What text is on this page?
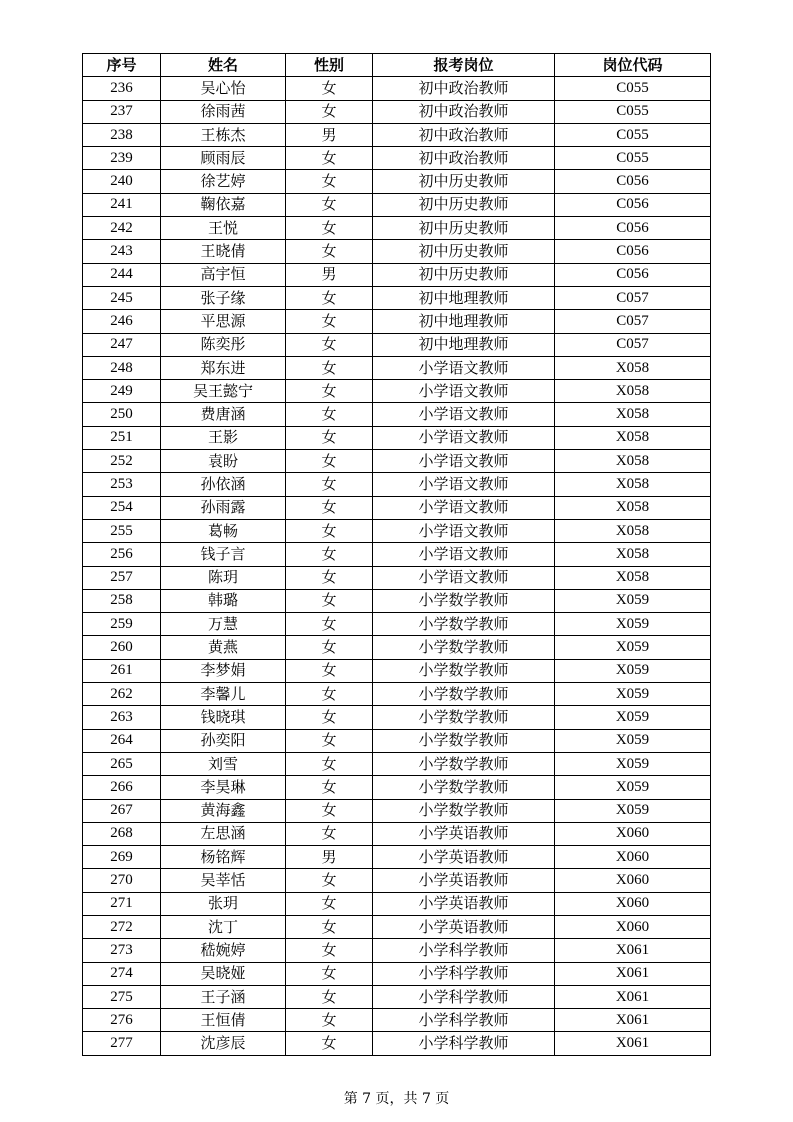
序号	姓名	性别	报考岗位	岗位代码
236	吴心怡	女	初中政治教师	C055
237	徐雨茜	女	初中政治教师	C055
238	王栋杰	男	初中政治教师	C055
239	顾雨辰	女	初中政治教师	C055
240	徐艺婷	女	初中历史教师	C056
241	鞠依嘉	女	初中历史教师	C056
242	王悦	女	初中历史教师	C056
243	王晓倩	女	初中历史教师	C056
244	高宇恒	男	初中历史教师	C056
245	张子缘	女	初中地理教师	C057
246	平思源	女	初中地理教师	C057
247	陈奕彤	女	初中地理教师	C057
248	郑东进	女	小学语文教师	X058
249	吴王懿宁	女	小学语文教师	X058
250	费唐涵	女	小学语文教师	X058
251	王影	女	小学语文教师	X058
252	袁盼	女	小学语文教师	X058
253	孙依涵	女	小学语文教师	X058
254	孙雨露	女	小学语文教师	X058
255	葛畅	女	小学语文教师	X058
256	钱子言	女	小学语文教师	X058
257	陈玥	女	小学语文教师	X058
258	韩璐	女	小学数学教师	X059
259	万慧	女	小学数学教师	X059
260	黄燕	女	小学数学教师	X059
261	李梦娟	女	小学数学教师	X059
262	李馨儿	女	小学数学教师	X059
263	钱晓琪	女	小学数学教师	X059
264	孙奕阳	女	小学数学教师	X059
265	刘雪	女	小学数学教师	X059
266	李昊琳	女	小学数学教师	X059
267	黄海鑫	女	小学数学教师	X059
268	左思涵	女	小学英语教师	X060
269	杨铭辉	男	小学英语教师	X060
270	吴莘恬	女	小学英语教师	X060
271	张玥	女	小学英语教师	X060
272	沈丁	女	小学英语教师	X060
273	嵇婉婷	女	小学科学教师	X061
274	吴晓娅	女	小学科学教师	X061
275	王子涵	女	小学科学教师	X061
276	王恒倩	女	小学科学教师	X061
277	沈彦辰	女	小学科学教师	X061
第 7 页，共 7 页
